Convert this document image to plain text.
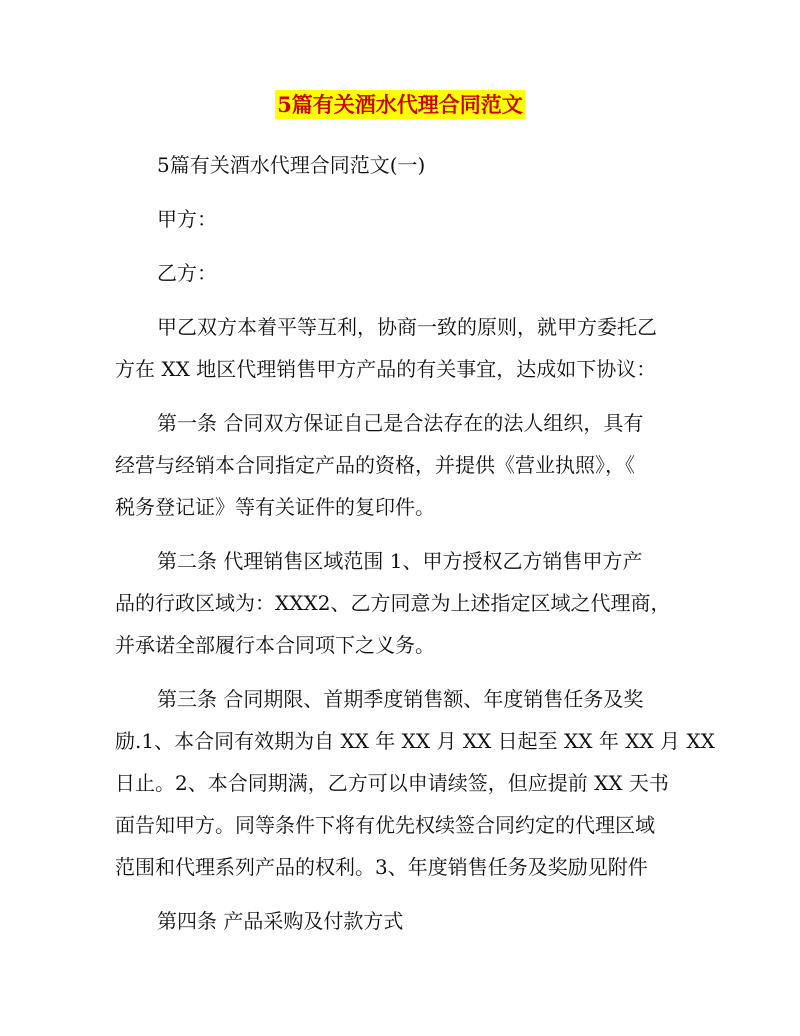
5篇有关酒水代理合同范文
5篇有关酒水代理合同范文(一)
甲方：
乙方：
甲乙双方本着平等互利，协商一致的原则，就甲方委托乙
方在 XX 地区代理销售甲方产品的有关事宜，达成如下协议：
第一条 合同双方保证自己是合法存在的法人组织，具有
经营与经销本合同指定产品的资格，并提供《营业执照》，《
税务登记证》等有关证件的复印件。
第二条 代理销售区域范围 1、甲方授权乙方销售甲方产
品的行政区域为：XXX2、乙方同意为上述指定区域之代理商，
并承诺全部履行本合同项下之义务。
第三条 合同期限、首期季度销售额、年度销售任务及奖
励.1、本合同有效期为自 XX 年 XX 月 XX 日起至 XX 年 XX 月 XX
日止。2、本合同期满，乙方可以申请续签，但应提前 XX 天书
面告知甲方。同等条件下将有优先权续签合同约定的代理区域
范围和代理系列产品的权利。3、年度销售任务及奖励见附件
第四条 产品采购及付款方式
